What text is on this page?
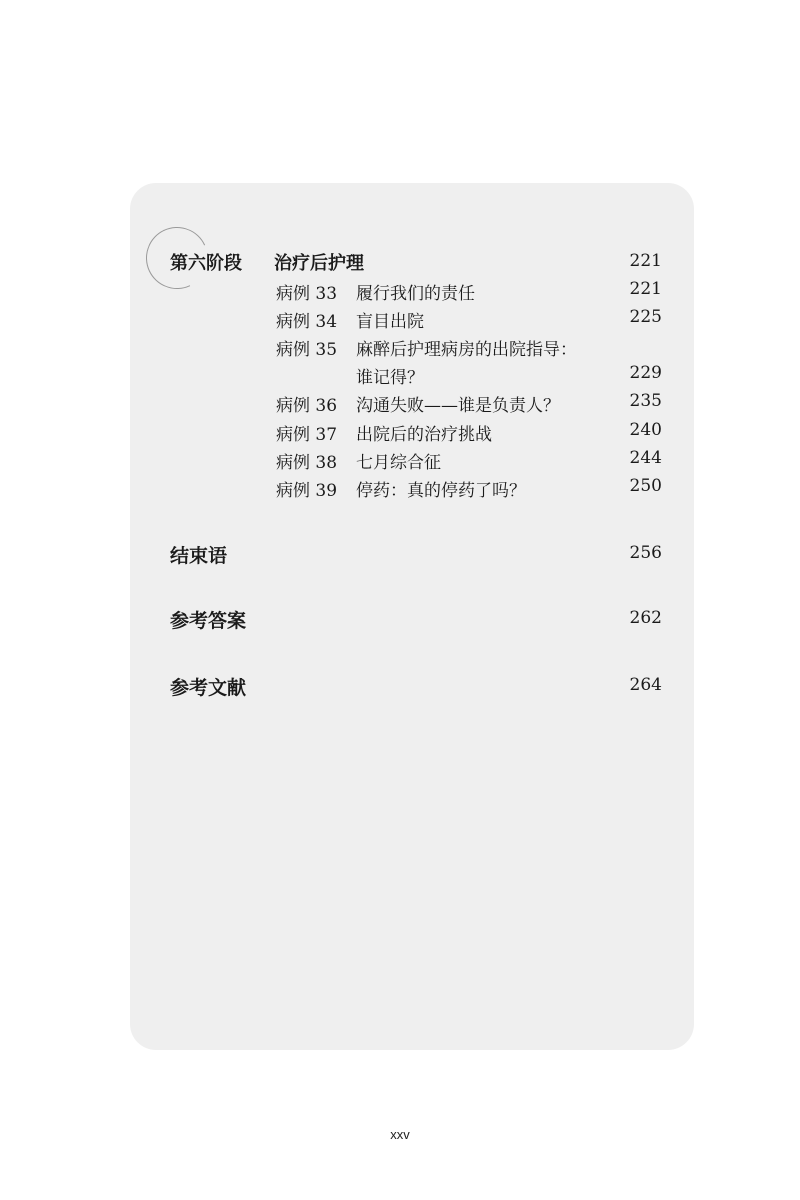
第六阶段 治疗后护理	221
病例 33 履行我们的责任	221
病例 34 盲目出院	225
病例 35 麻醉后护理病房的出院指导：
谁记得？	229
病例 36 沟通失败——谁是负责人？	235
病例 37 出院后的治疗挑战	240
病例 38 七月综合征	244
病例 39 停药：真的停药了吗？	250
结束语	256
参考答案	262
参考文献	264
xxv
